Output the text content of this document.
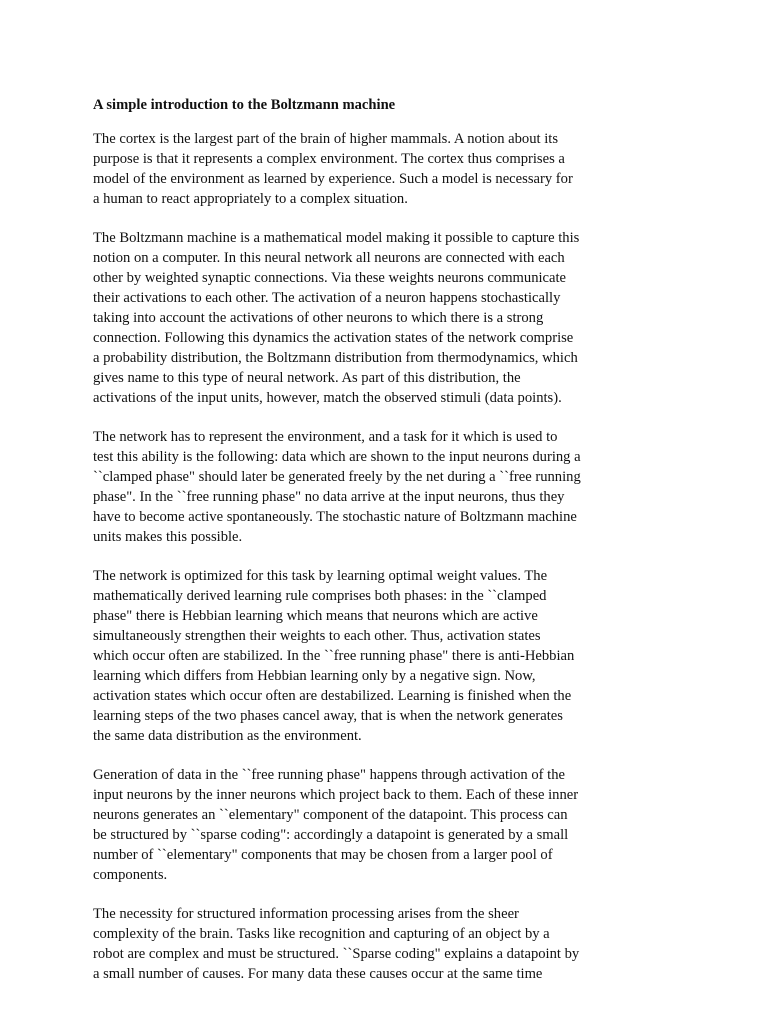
A simple introduction to the Boltzmann machine
The cortex is the largest part of the brain of higher mammals. A notion about its
purpose is that it represents a complex environment. The cortex thus comprises a
model of the environment as learned by experience. Such a model is necessary for
a human to react appropriately to a complex situation.
The Boltzmann machine is a mathematical model making it possible to capture this
notion on a computer. In this neural network all neurons are connected with each
other by weighted synaptic connections. Via these weights neurons communicate
their activations to each other. The activation of a neuron happens stochastically
taking into account the activations of other neurons to which there is a strong
connection. Following this dynamics the activation states of the network comprise
a probability distribution, the Boltzmann distribution from thermodynamics, which
gives name to this type of neural network. As part of this distribution, the
activations of the input units, however, match the observed stimuli (data points).
The network has to represent the environment, and a task for it which is used to
test this ability is the following: data which are shown to the input neurons during a
``clamped phase" should later be generated freely by the net during a ``free running
phase". In the ``free running phase" no data arrive at the input neurons, thus they
have to become active spontaneously. The stochastic nature of Boltzmann machine
units makes this possible.
The network is optimized for this task by learning optimal weight values. The
mathematically derived learning rule comprises both phases: in the ``clamped
phase" there is Hebbian learning which means that neurons which are active
simultaneously strengthen their weights to each other. Thus, activation states
which occur often are stabilized. In the ``free running phase" there is anti-Hebbian
learning which differs from Hebbian learning only by a negative sign. Now,
activation states which occur often are destabilized. Learning is finished when the
learning steps of the two phases cancel away, that is when the network generates
the same data distribution as the environment.
Generation of data in the ``free running phase" happens through activation of the
input neurons by the inner neurons which project back to them. Each of these inner
neurons generates an ``elementary" component of the datapoint. This process can
be structured by ``sparse coding": accordingly a datapoint is generated by a small
number of ``elementary" components that may be chosen from a larger pool of
components.
The necessity for structured information processing arises from the sheer
complexity of the brain. Tasks like recognition and capturing of an object by a
robot are complex and must be structured. ``Sparse coding" explains a datapoint by
a small number of causes. For many data these causes occur at the same time
